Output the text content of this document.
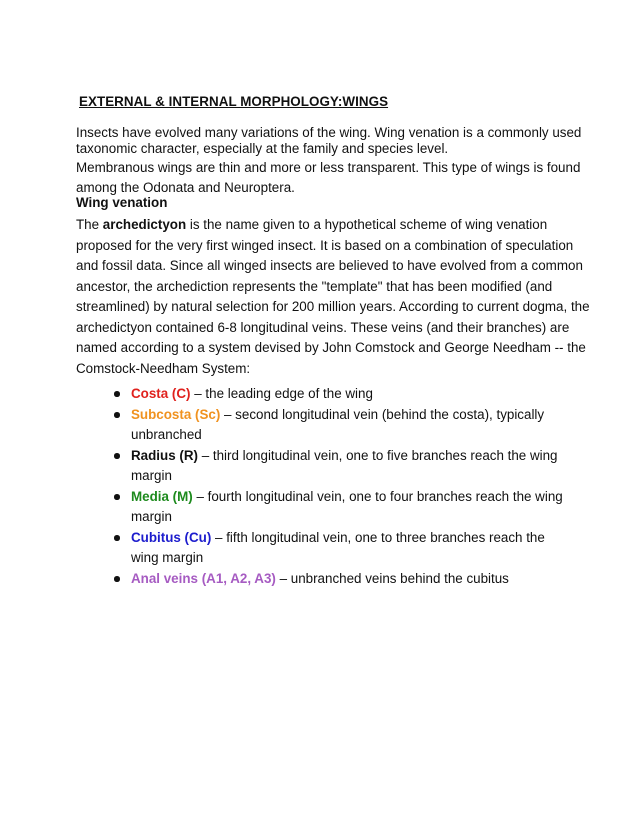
EXTERNAL & INTERNAL MORPHOLOGY:WINGS
Insects have evolved many variations of the wing. Wing venation is a commonly used
taxonomic character, especially at the family and species level.
Membranous wings are thin and more or less transparent. This type of wings is found
among the Odonata and Neuroptera.
Wing venation
The archedictyon is the name given to a hypothetical scheme of wing venation
proposed for the very first winged insect. It is based on a combination of speculation
and fossil data. Since all winged insects are believed to have evolved from a common
ancestor, the archediction represents the "template" that has been modified (and
streamlined) by natural selection for 200 million years. According to current dogma, the
archedictyon contained 6-8 longitudinal veins. These veins (and their branches) are
named according to a system devised by John Comstock and George Needham -- the
Comstock-Needham System:
Costa (C) – the leading edge of the wing
Subcosta (Sc) – second longitudinal vein (behind the costa), typically unbranched
Radius (R) – third longitudinal vein, one to five branches reach the wing margin
Media (M) – fourth longitudinal vein, one to four branches reach the wing margin
Cubitus (Cu) – fifth longitudinal vein, one to three branches reach the wing margin
Anal veins (A1, A2, A3) – unbranched veins behind the cubitus
